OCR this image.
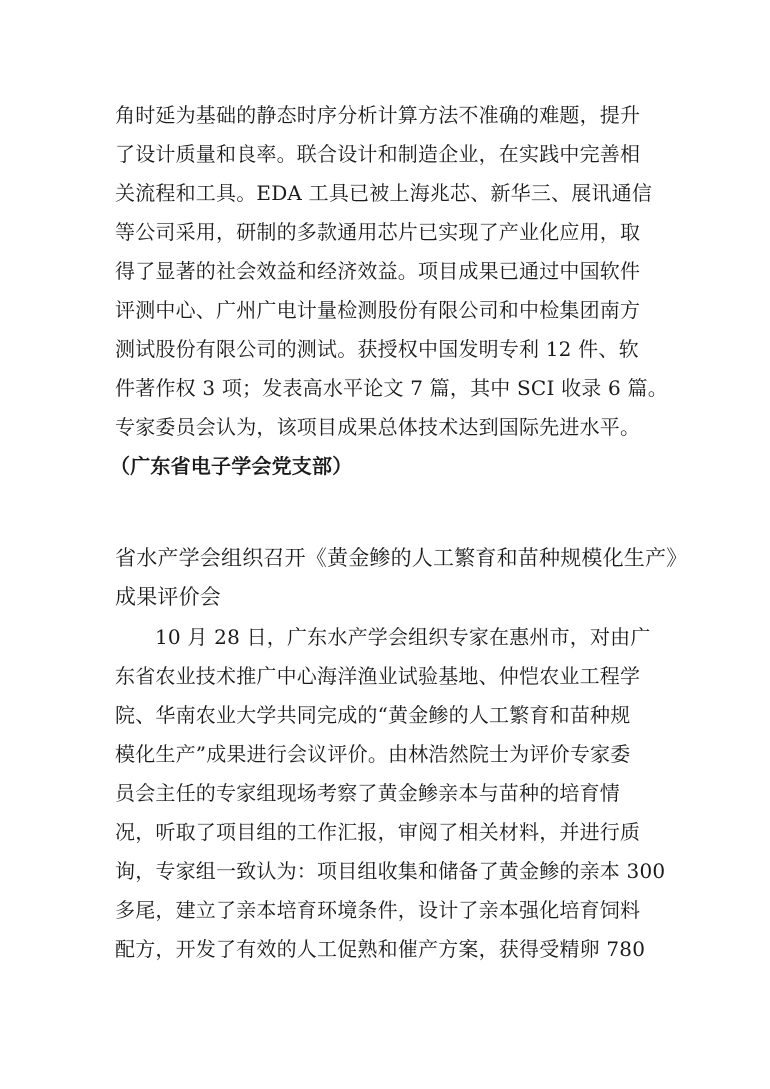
角时延为基础的静态时序分析计算方法不准确的难题，提升
了设计质量和良率。联合设计和制造企业，在实践中完善相
关流程和工具。EDA 工具已被上海兆芯、新华三、展讯通信
等公司采用，研制的多款通用芯片已实现了产业化应用，取
得了显著的社会效益和经济效益。项目成果已通过中国软件
评测中心、广州广电计量检测股份有限公司和中检集团南方
测试股份有限公司的测试。获授权中国发明专利 12 件、软
件著作权 3 项；发表高水平论文 7 篇，其中 SCI 收录 6 篇。
专家委员会认为，该项目成果总体技术达到国际先进水平。
（广东省电子学会党支部）
省水产学会组织召开《黄金鲹的人工繁育和苗种规模化生产》
成果评价会
10 月 28 日，广东水产学会组织专家在惠州市，对由广
东省农业技术推广中心海洋渔业试验基地、仲恺农业工程学
院、华南农业大学共同完成的“黄金鲹的人工繁育和苗种规
模化生产”成果进行会议评价。由林浩然院士为评价专家委
员会主任的专家组现场考察了黄金鲹亲本与苗种的培育情
况，听取了项目组的工作汇报，审阅了相关材料，并进行质
询，专家组一致认为：项目组收集和储备了黄金鲹的亲本 300
多尾，建立了亲本培育环境条件，设计了亲本强化培育饲料
配方，开发了有效的人工促熟和催产方案，获得受精卵 780
